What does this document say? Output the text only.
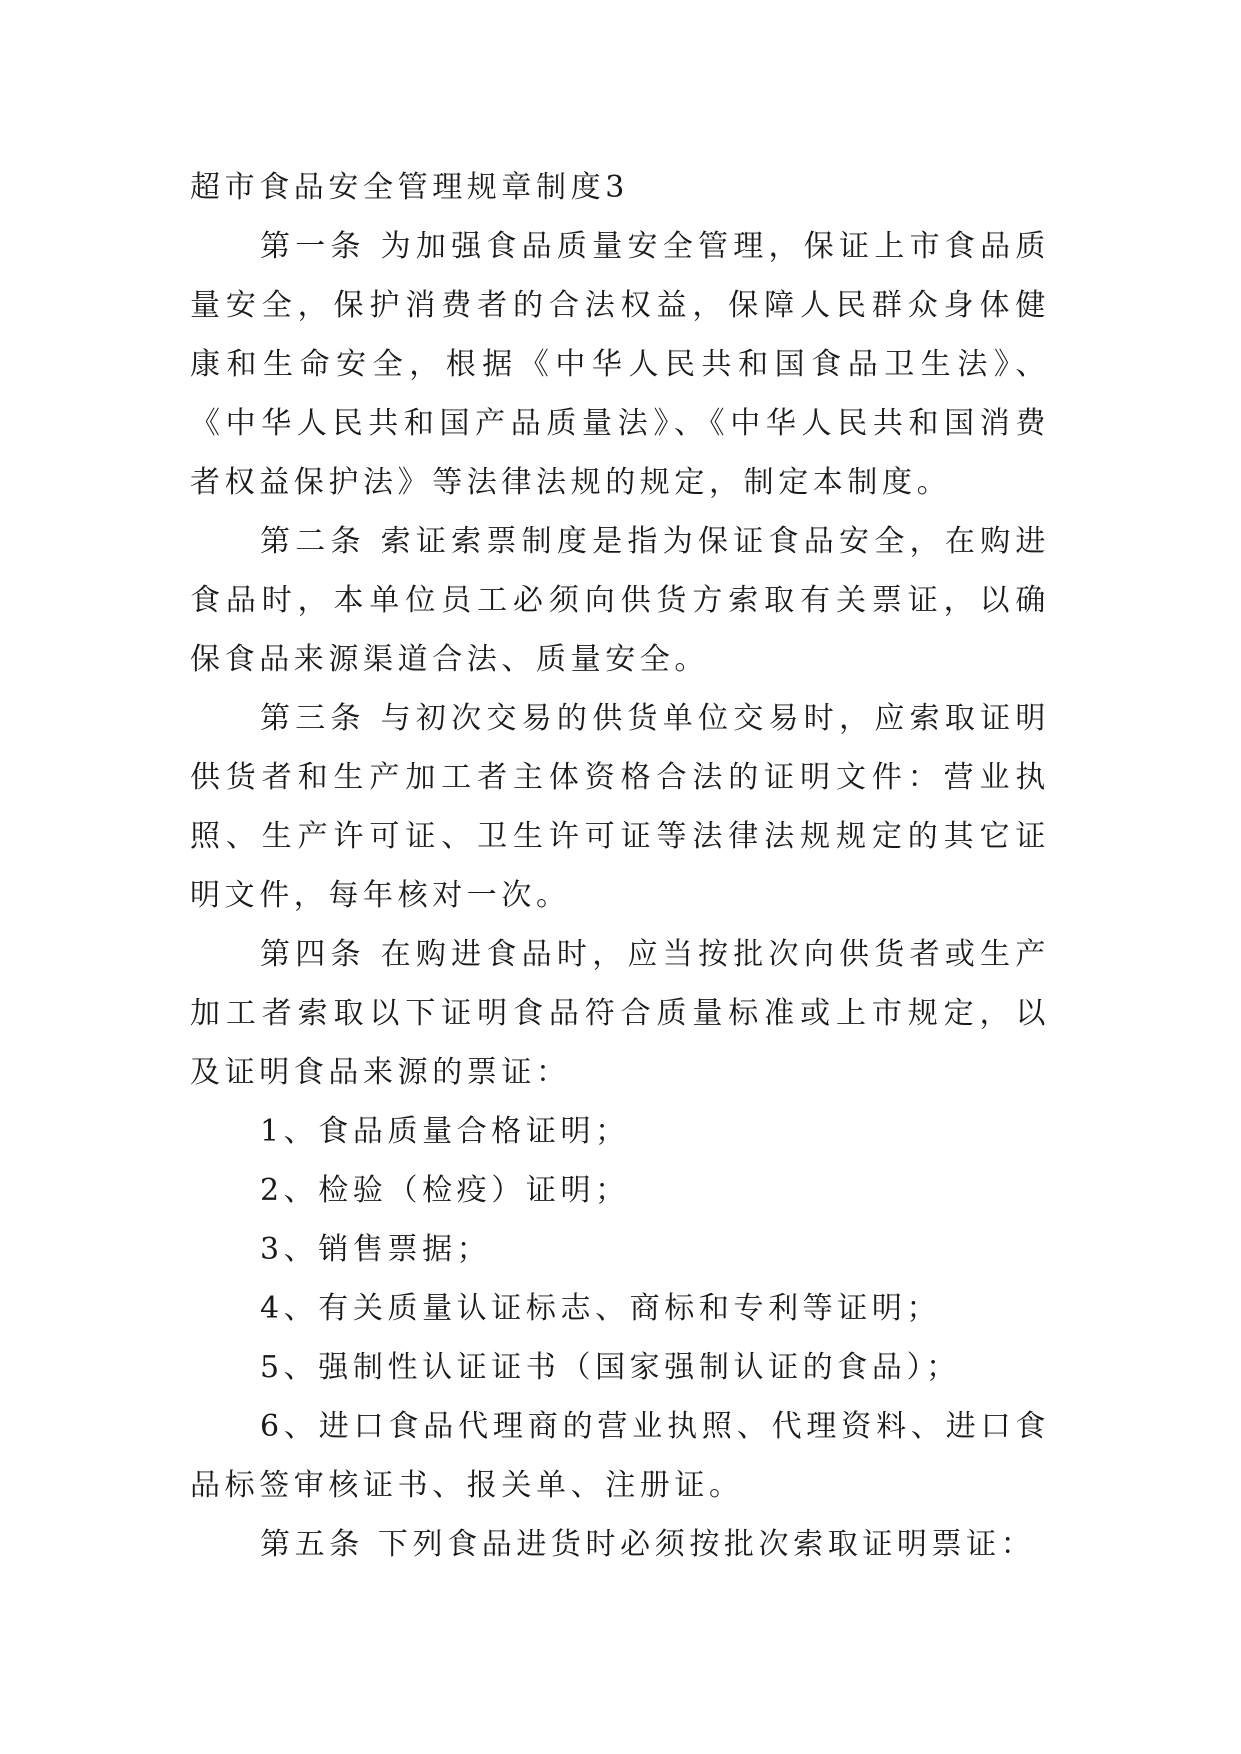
超市食品安全管理规章制度3

第一条 为加强食品质量安全管理，保证上市食品质量安全，保护消费者的合法权益，保障人民群众身体健康和生命安全，根据《中华人民共和国食品卫生法》、《中华人民共和国产品质量法》、《中华人民共和国消费者权益保护法》等法律法规的规定，制定本制度。

第二条 索证索票制度是指为保证食品安全，在购进食品时，本单位员工必须向供货方索取有关票证，以确保食品来源渠道合法、质量安全。

第三条 与初次交易的供货单位交易时，应索取证明供货者和生产加工者主体资格合法的证明文件：营业执照、生产许可证、卫生许可证等法律法规规定的其它证明文件，每年核对一次。

第四条 在购进食品时，应当按批次向供货者或生产加工者索取以下证明食品符合质量标准或上市规定，以及证明食品来源的票证：

1、食品质量合格证明；

2、检验（检疫）证明；

3、销售票据；

4、有关质量认证标志、商标和专利等证明；

5、强制性认证证书（国家强制认证的食品）；

6、进口食品代理商的营业执照、代理资料、进口食品标签审核证书、报关单、注册证。

第五条 下列食品进货时必须按批次索取证明票证：
